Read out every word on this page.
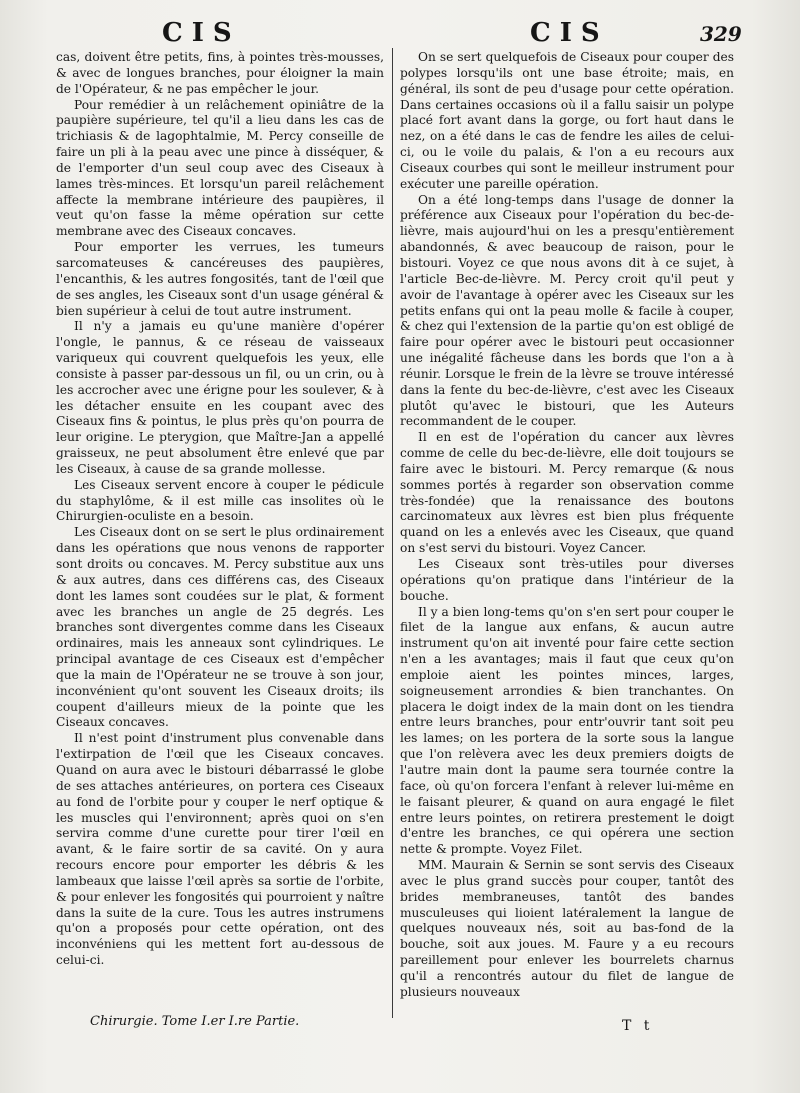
CIS	CIS	329

cas, doivent être petits, fins, à pointes très-mousses, & avec de longues branches, pour éloigner la main de l'Opérateur, & ne pas empêcher le jour.

Pour remédier à un relâchement opiniâtre de la paupière supérieure, tel qu'il a lieu dans les cas de trichiasis & de lagophtalmie, M. Percy conseille de faire un pli à la peau avec une pince à disséquer, & de l'emporter d'un seul coup avec des Ciseaux à lames très-minces. Et lorsqu'un pareil relâchement affecte la membrane intérieure des paupières, il veut qu'on fasse la même opération sur cette membrane avec des Ciseaux concaves.

Pour emporter les verrues, les tumeurs sarcomateuses & cancéreuses des paupières, l'encanthis, & les autres fongosités, tant de l'œil que de ses angles, les Ciseaux sont d'un usage général & bien supérieur à celui de tout autre instrument.

Il n'y a jamais eu qu'une manière d'opérer l'ongle, le pannus, & ce réseau de vaisseaux variqueux qui couvrent quelquefois les yeux, elle consiste à passer par-dessous un fil, ou un crin, ou à les accrocher avec une érigne pour les soulever, & à les détacher ensuite en les coupant avec des Ciseaux fins & pointus, le plus près qu'on pourra de leur origine. Le pterygion, que Maître-Jan a appellé graisseux, ne peut absolument être enlevé que par les Ciseaux, à cause de sa grande mollesse.

Les Ciseaux servent encore à couper le pédicule du staphylôme, & il est mille cas insolites où le Chirurgien-oculiste en a besoin.

Les Ciseaux dont on se sert le plus ordinairement dans les opérations que nous venons de rapporter sont droits ou concaves. M. Percy substitue aux uns & aux autres, dans ces différens cas, des Ciseaux dont les lames sont coudées sur le plat, & forment avec les branches un angle de 25 degrés. Les branches sont divergentes comme dans les Ciseaux ordinaires, mais les anneaux sont cylindriques. Le principal avantage de ces Ciseaux est d'empêcher que la main de l'Opérateur ne se trouve à son jour, inconvénient qu'ont souvent les Ciseaux droits; ils coupent d'ailleurs mieux de la pointe que les Ciseaux concaves.

Il n'est point d'instrument plus convenable dans l'extirpation de l'œil que les Ciseaux concaves. Quand on aura avec le bistouri débarrassé le globe de ses attaches antérieures, on portera ces Ciseaux au fond de l'orbite pour y couper le nerf optique & les muscles qui l'environnent; après quoi on s'en servira comme d'une curette pour tirer l'œil en avant, & le faire sortir de sa cavité. On y aura recours encore pour emporter les débris & les lambeaux que laisse l'œil après sa sortie de l'orbite, & pour enlever les fongosités qui pourroient y naître dans la suite de la cure. Tous les autres instrumens qu'on a proposés pour cette opération, ont des inconvéniens qui les mettent fort au-dessous de celui-ci.

On se sert quelquefois de Ciseaux pour couper des polypes lorsqu'ils ont une base étroite; mais, en général, ils sont de peu d'usage pour cette opération. Dans certaines occasions où il a fallu saisir un polype placé fort avant dans la gorge, ou fort haut dans le nez, on a été dans le cas de fendre les ailes de celui-ci, ou le voile du palais, & l'on a eu recours aux Ciseaux courbes qui sont le meilleur instrument pour exécuter une pareille opération.

On a été long-temps dans l'usage de donner la préférence aux Ciseaux pour l'opération du bec-de-lièvre, mais aujourd'hui on les a presqu'entièrement abandonnés, & avec beaucoup de raison, pour le bistouri. Voyez ce que nous avons dit à ce sujet, à l'article Bec-de-lièvre. M. Percy croit qu'il peut y avoir de l'avantage à opérer avec les Ciseaux sur les petits enfans qui ont la peau molle & facile à couper, & chez qui l'extension de la partie qu'on est obligé de faire pour opérer avec le bistouri peut occasionner une inégalité fâcheuse dans les bords que l'on a à réunir. Lorsque le frein de la lèvre se trouve intéressé dans la fente du bec-de-lièvre, c'est avec les Ciseaux plutôt qu'avec le bistouri, que les Auteurs recommandent de le couper.

Il en est de l'opération du cancer aux lèvres comme de celle du bec-de-lièvre, elle doit toujours se faire avec le bistouri. M. Percy remarque (& nous sommes portés à regarder son observation comme très-fondée) que la renaissance des boutons carcinomateux aux lèvres est bien plus fréquente quand on les a enlevés avec les Ciseaux, que quand on s'est servi du bistouri. Voyez Cancer.

Les Ciseaux sont très-utiles pour diverses opérations qu'on pratique dans l'intérieur de la bouche.

Il y a bien long-tems qu'on s'en sert pour couper le filet de la langue aux enfans, & aucun autre instrument qu'on ait inventé pour faire cette section n'en a les avantages; mais il faut que ceux qu'on emploie aient les pointes minces, larges, soigneusement arrondies & bien tranchantes. On placera le doigt index de la main dont on les tiendra entre leurs branches, pour entr'ouvrir tant soit peu les lames; on les portera de la sorte sous la langue que l'on relèvera avec les deux premiers doigts de l'autre main dont la paume sera tournée contre la face, où qu'on forcera l'enfant à relever lui-même en le faisant pleurer, & quand on aura engagé le filet entre leurs pointes, on retirera prestement le doigt d'entre les branches, ce qui opérera une section nette & prompte. Voyez Filet.

MM. Maurain & Sernin se sont servis des Ciseaux avec le plus grand succès pour couper, tantôt des brides membraneuses, tantôt des bandes musculeuses qui lioient latéralement la langue de quelques nouveaux nés, soit au bas-fond de la bouche, soit aux joues. M. Faure y a eu recours pareillement pour enlever les bourrelets charnus qu'il a rencontrés autour du filet de langue de plusieurs nouveaux

Chirurgie. Tome I.er I.re Partie.	T t
